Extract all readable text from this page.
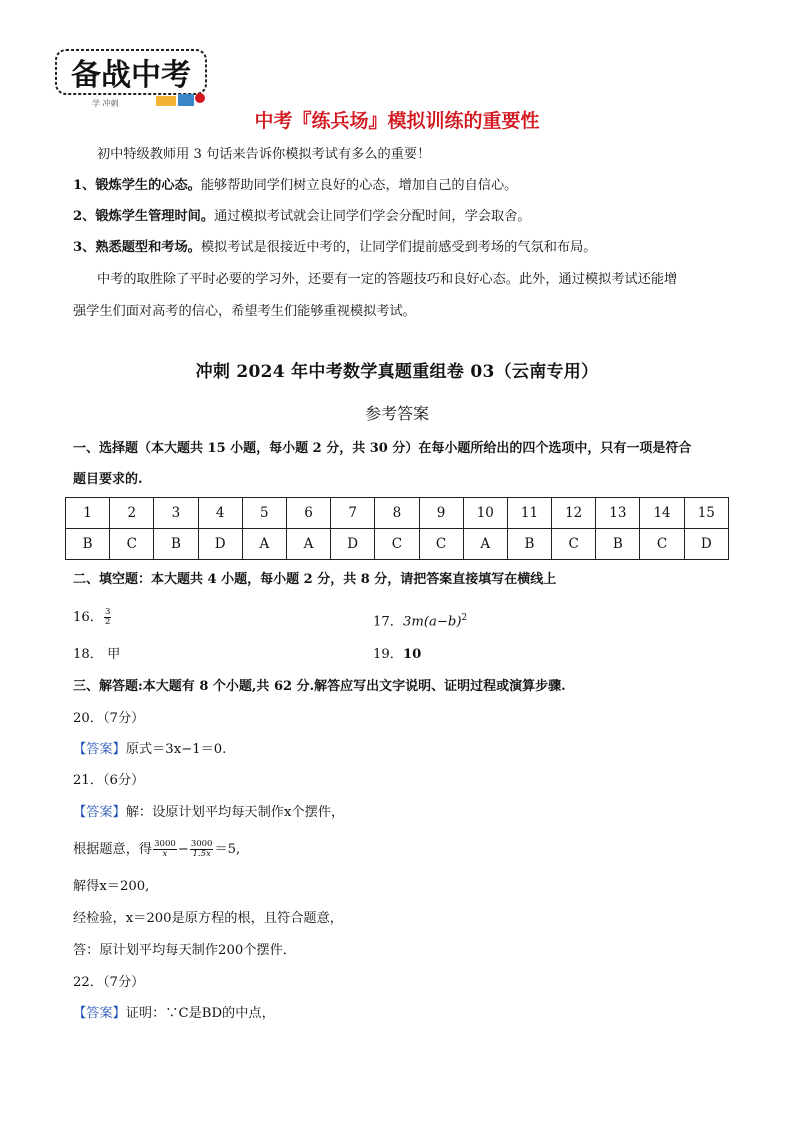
备战中考
学 冲刺
中考『练兵场』模拟训练的重要性
初中特级教师用 3 句话来告诉你模拟考试有多么的重要！
1、锻炼学生的心态。能够帮助同学们树立良好的心态，增加自己的自信心。
2、锻炼学生管理时间。通过模拟考试就会让同学们学会分配时间，学会取舍。
3、熟悉题型和考场。模拟考试是很接近中考的，让同学们提前感受到考场的气氛和布局。
中考的取胜除了平时必要的学习外，还要有一定的答题技巧和良好心态。此外，通过模拟考试还能增
强学生们面对高考的信心，希望考生们能够重视模拟考试。
冲刺 2024 年中考数学真题重组卷 03（云南专用）
参考答案
一、选择题（本大题共 15 小题，每小题 2 分，共 30 分）在每小题所给出的四个选项中，只有一项是符合
题目要求的.
1	2	3	4	5	6	7	8	9	10	11	12	13	14	15
B	C	B	D	A	A	D	C	C	A	B	C	B	C	D
二、填空题：本大题共 4 小题，每小题 2 分，共 8 分，请把答案直接填写在横线上
16． $\frac{3}{2}$	17．$3m(a-b)^2$
18． 甲	19．10
三、解答题:本大题有 8 个小题,共 62 分.解答应写出文字说明、证明过程或演算步骤.
20．（7分）
【答案】原式＝3x−1＝0.
21．（6分）
【答案】解：设原计划平均每天制作x个摆件，
根据题意，得 $\frac{3000}{x} - \frac{3000}{1.5x} =5$,
解得x＝200,
经检验，x＝200是原方程的根，且符合题意，
答：原计划平均每天制作200个摆件．
22．（7分）
【答案】证明：∵C是BD的中点，
